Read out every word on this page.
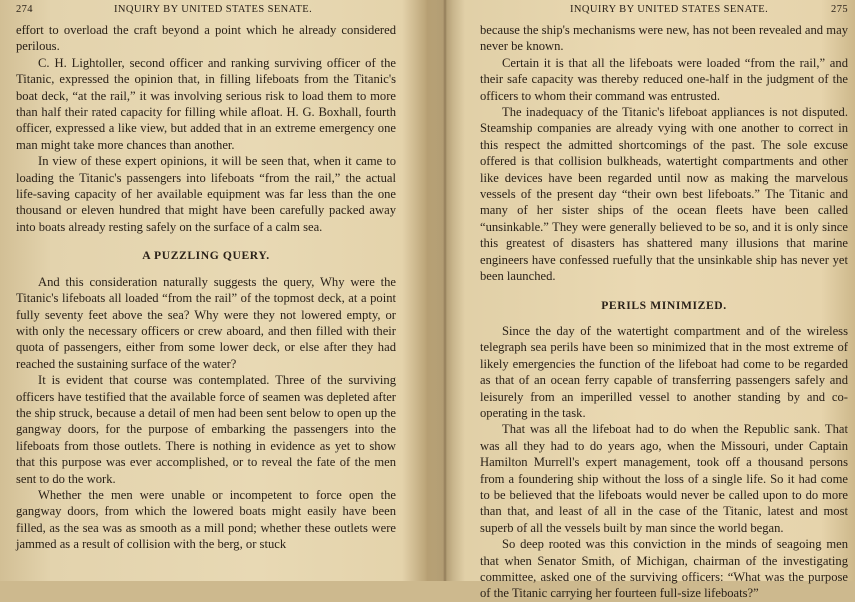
274	INQUIRY BY UNITED STATES SENATE.

effort to overload the craft beyond a point which he already considered perilous.

C. H. Lightoller, second officer and ranking surviving officer of the Titanic, expressed the opinion that, in filling lifeboats from the Titanic's boat deck, “at the rail,” it was involving serious risk to load them to more than half their rated capacity for filling while afloat. H. G. Boxhall, fourth officer, expressed a like view, but added that in an extreme emergency one man might take more chances than another.

In view of these expert opinions, it will be seen that, when it came to loading the Titanic's passengers into lifeboats “from the rail,” the actual life-saving capacity of her available equipment was far less than the one thousand or eleven hundred that might have been carefully packed away into boats already resting safely on the surface of a calm sea.

A PUZZLING QUERY.

And this consideration naturally suggests the query, Why were the Titanic's lifeboats all loaded “from the rail” of the topmost deck, at a point fully seventy feet above the sea? Why were they not lowered empty, or with only the necessary officers or crew aboard, and then filled with their quota of passengers, either from some lower deck, or else after they had reached the sustaining surface of the water?

It is evident that course was contemplated. Three of the surviving officers have testified that the available force of seamen was depleted after the ship struck, because a detail of men had been sent below to open up the gangway doors, for the purpose of embarking the passengers into the lifeboats from those outlets. There is nothing in evidence as yet to show that this purpose was ever accomplished, or to reveal the fate of the men sent to do the work.

Whether the men were unable or incompetent to force open the gangway doors, from which the lowered boats might easily have been filled, as the sea was as smooth as a mill pond; whether these outlets were jammed as a result of collision with the berg, or stuck

INQUIRY BY UNITED STATES SENATE.	275

because the ship's mechanisms were new, has not been revealed and may never be known.

Certain it is that all the lifeboats were loaded “from the rail,” and their safe capacity was thereby reduced one-half in the judgment of the officers to whom their command was entrusted.

The inadequacy of the Titanic's lifeboat appliances is not disputed. Steamship companies are already vying with one another to correct in this respect the admitted shortcomings of the past. The sole excuse offered is that collision bulkheads, watertight compartments and other like devices have been regarded until now as making the marvelous vessels of the present day “their own best lifeboats.” The Titanic and many of her sister ships of the ocean fleets have been called “unsinkable.” They were generally believed to be so, and it is only since this greatest of disasters has shattered many illusions that marine engineers have confessed ruefully that the unsinkable ship has never yet been launched.

PERILS MINIMIZED.

Since the day of the watertight compartment and of the wireless telegraph sea perils have been so minimized that in the most extreme of likely emergencies the function of the lifeboat had come to be regarded as that of an ocean ferry capable of transferring passengers safely and leisurely from an imperilled vessel to another standing by and co-operating in the task.

That was all the lifeboat had to do when the Republic sank. That was all they had to do years ago, when the Missouri, under Captain Hamilton Murrell's expert management, took off a thousand persons from a foundering ship without the loss of a single life. So it had come to be believed that the lifeboats would never be called upon to do more than that, and least of all in the case of the Titanic, latest and most superb of all the vessels built by man since the world began.

So deep rooted was this conviction in the minds of seagoing men that when Senator Smith, of Michigan, chairman of the investigating committee, asked one of the surviving officers: “What was the purpose of the Titanic carrying her fourteen full-size lifeboats?”
